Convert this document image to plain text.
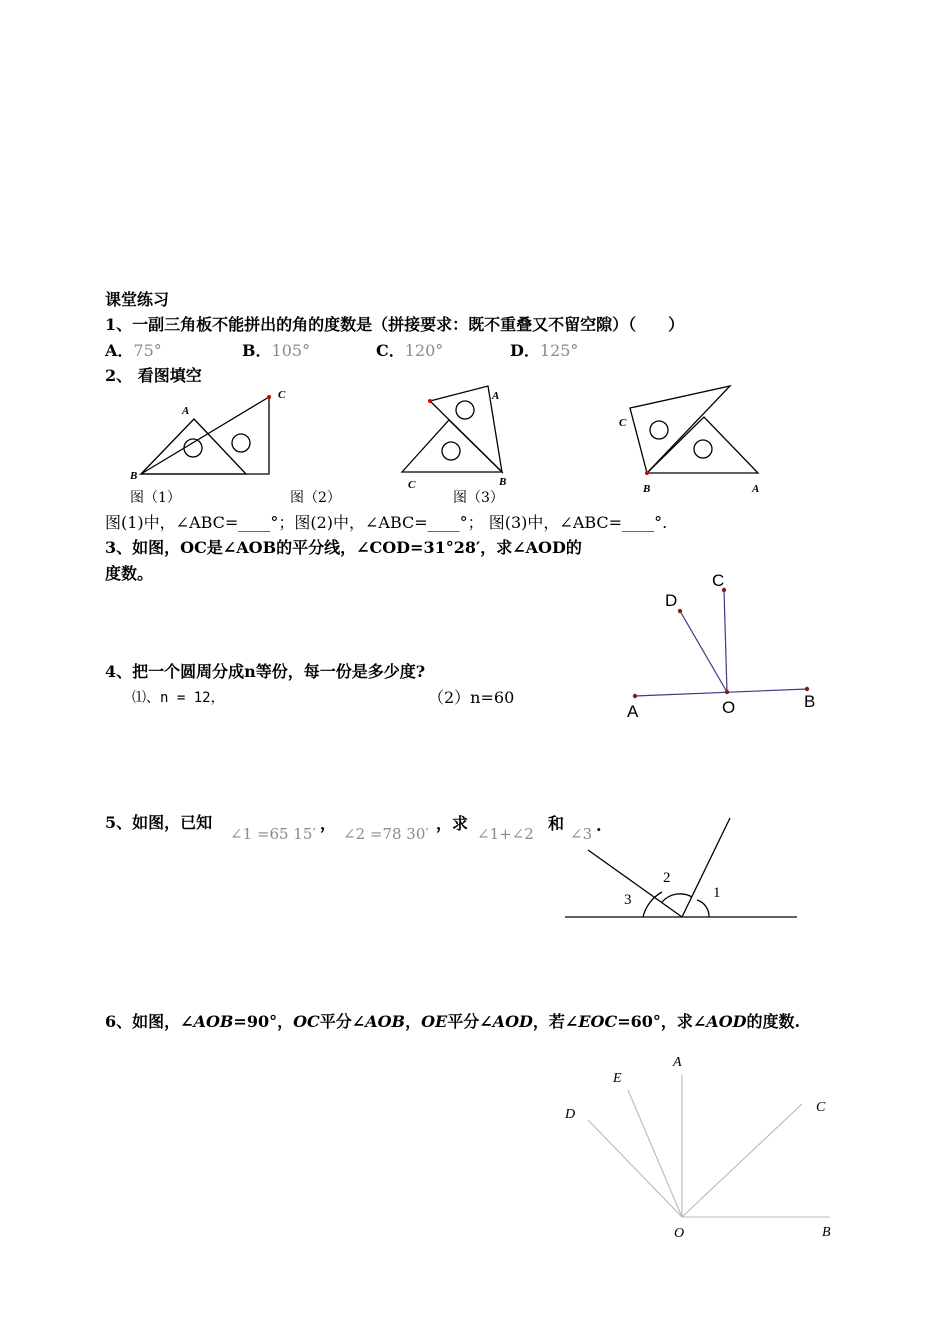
课堂练习
1、一副三角板不能拼出的角的度数是（拼接要求：既不重叠又不留空隙）（　　）
A．75°	B．105°	C．120°	D．125°
2、 看图填空
A
B
C	A
B
C
C
B	A
图（1）	图（2）	图（3）
图(1)中，∠ABC=____°；图(2)中，∠ABC=____°； 图(3)中，∠ABC=____°.
3、如图，OC是∠AOB的平分线，∠COD=31°28′，求∠AOD的
度数。
A
B
C
D
O
4、把一个圆周分成n等份，每一份是多少度?
⑴、n = 12，	（2）n=60
5、如图，已知
∠1 =65 15′
，
∠2 =78 30′
，求
∠1+∠2
和
∠3 .
1
2
3
6、如图，∠AOB=90°，OC平分∠AOB，OE平分∠AOD，若∠EOC=60°，求∠AOD的度数.
A
B
C
D
E
O
